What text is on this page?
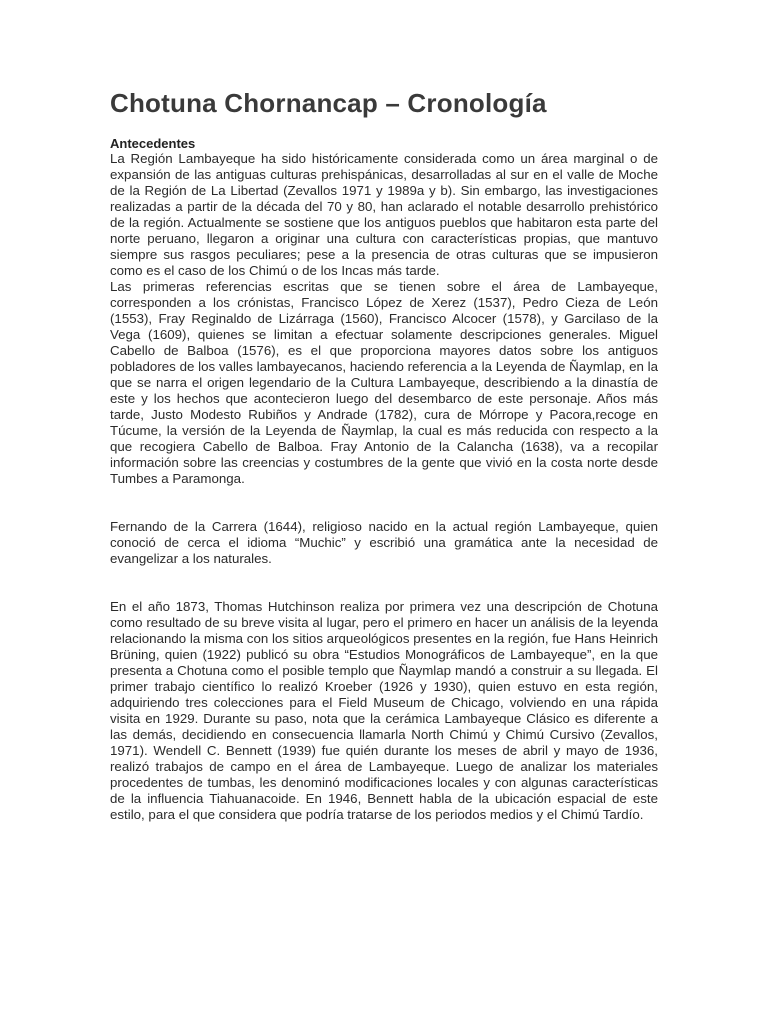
Chotuna Chornancap – Cronología
Antecedentes

La Región Lambayeque ha sido históricamente considerada como un área marginal o de expansión de las antiguas culturas prehispánicas, desarrolladas al sur en el valle de Moche de la Región de La Libertad (Zevallos 1971 y 1989a y b). Sin embargo, las investigaciones realizadas a partir de la década del 70 y 80, han aclarado el notable desarrollo prehistórico de la región. Actualmente se sostiene que los antiguos pueblos que habitaron esta parte del norte peruano, llegaron a originar una cultura con características propias, que mantuvo siempre sus rasgos peculiares; pese a la presencia de otras culturas que se impusieron como es el caso de los Chimú o de los Incas más tarde.

Las primeras referencias escritas que se tienen sobre el área de Lambayeque, corresponden a los crónistas, Francisco López de Xerez (1537), Pedro Cieza de León (1553), Fray Reginaldo de Lizárraga (1560), Francisco Alcocer (1578), y Garcilaso de la Vega (1609), quienes se limitan a efectuar solamente descripciones generales. Miguel Cabello de Balboa (1576), es el que proporciona mayores datos sobre los antiguos pobladores de los valles lambayecanos, haciendo referencia a la Leyenda de Ñaymlap, en la que se narra el origen legendario de la Cultura Lambayeque, describiendo a la dinastía de este y los hechos que acontecieron luego del desembarco de este personaje. Años más tarde, Justo Modesto Rubiños y Andrade (1782), cura de Mórrope y Pacora,recoge en Túcume, la versión de la Leyenda de Ñaymlap, la cual es más reducida con respecto a la que recogiera Cabello de Balboa. Fray Antonio de la Calancha (1638), va a recopilar información sobre las creencias y costumbres de la gente que vivió en la costa norte desde Tumbes a Paramonga.

Fernando de la Carrera (1644), religioso nacido en la actual región Lambayeque, quien conoció de cerca el idioma “Muchic” y escribió una gramática ante la necesidad de evangelizar a los naturales.

En el año 1873, Thomas Hutchinson realiza por primera vez una descripción de Chotuna como resultado de su breve visita al lugar, pero el primero en hacer un análisis de la leyenda relacionando la misma con los sitios arqueológicos presentes en la región, fue Hans Heinrich Brüning, quien (1922) publicó su obra “Estudios Monográficos de Lambayeque”, en la que presenta a Chotuna como el posible templo que Ñaymlap mandó a construir a su llegada. El primer trabajo científico lo realizó Kroeber (1926 y 1930), quien estuvo en esta región, adquiriendo tres colecciones para el Field Museum de Chicago, volviendo en una rápida visita en 1929. Durante su paso, nota que la cerámica Lambayeque Clásico es diferente a las demás, decidiendo en consecuencia llamarla North Chimú y Chimú Cursivo (Zevallos, 1971). Wendell C. Bennett (1939) fue quién durante los meses de abril y mayo de 1936, realizó trabajos de campo en el área de Lambayeque. Luego de analizar los materiales procedentes de tumbas, les denominó modificaciones locales y con algunas características de la influencia Tiahuanacoide. En 1946, Bennett habla de la ubicación espacial de este estilo, para el que considera que podría tratarse de los periodos medios y el Chimú Tardío.
